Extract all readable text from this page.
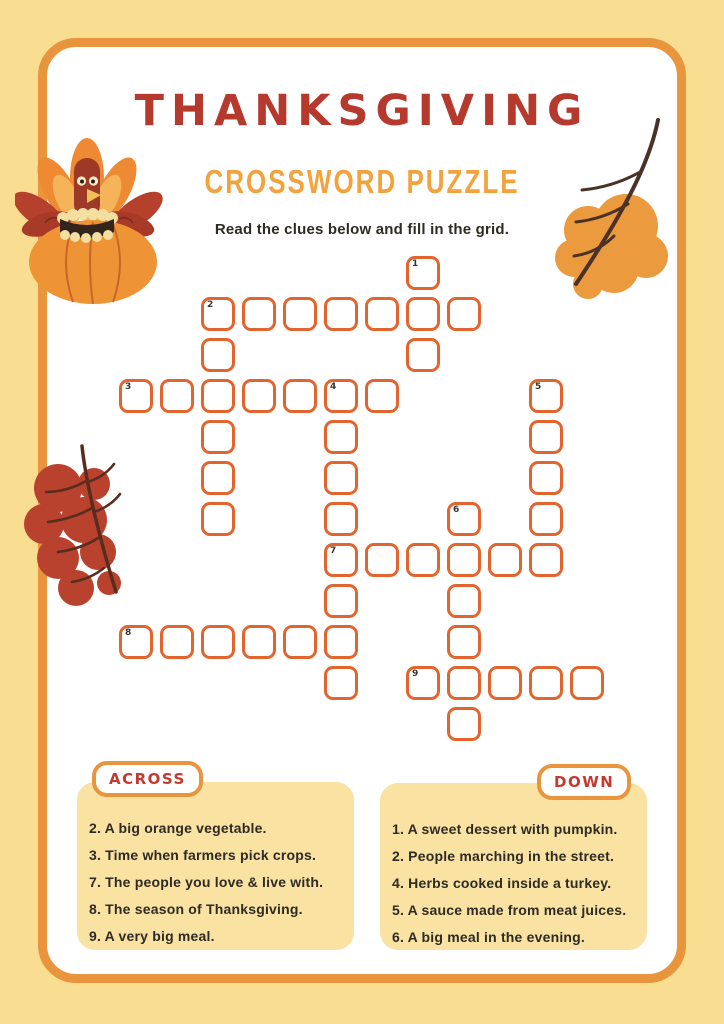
THANKSGIVING
CROSSWORD PUZZLE
Read the clues below and fill in the grid.
1
2
3	4	5
6
7
8
9
2. A big orange vegetable.
3. Time when farmers pick crops.
7. The people you love & live with.
8. The season of Thanksgiving.
9. A very big meal.
ACROSS
1. A sweet dessert with pumpkin.
2. People marching in the street.
4. Herbs cooked inside a turkey.
5. A sauce made from meat juices.
6. A big meal in the evening.
DOWN
